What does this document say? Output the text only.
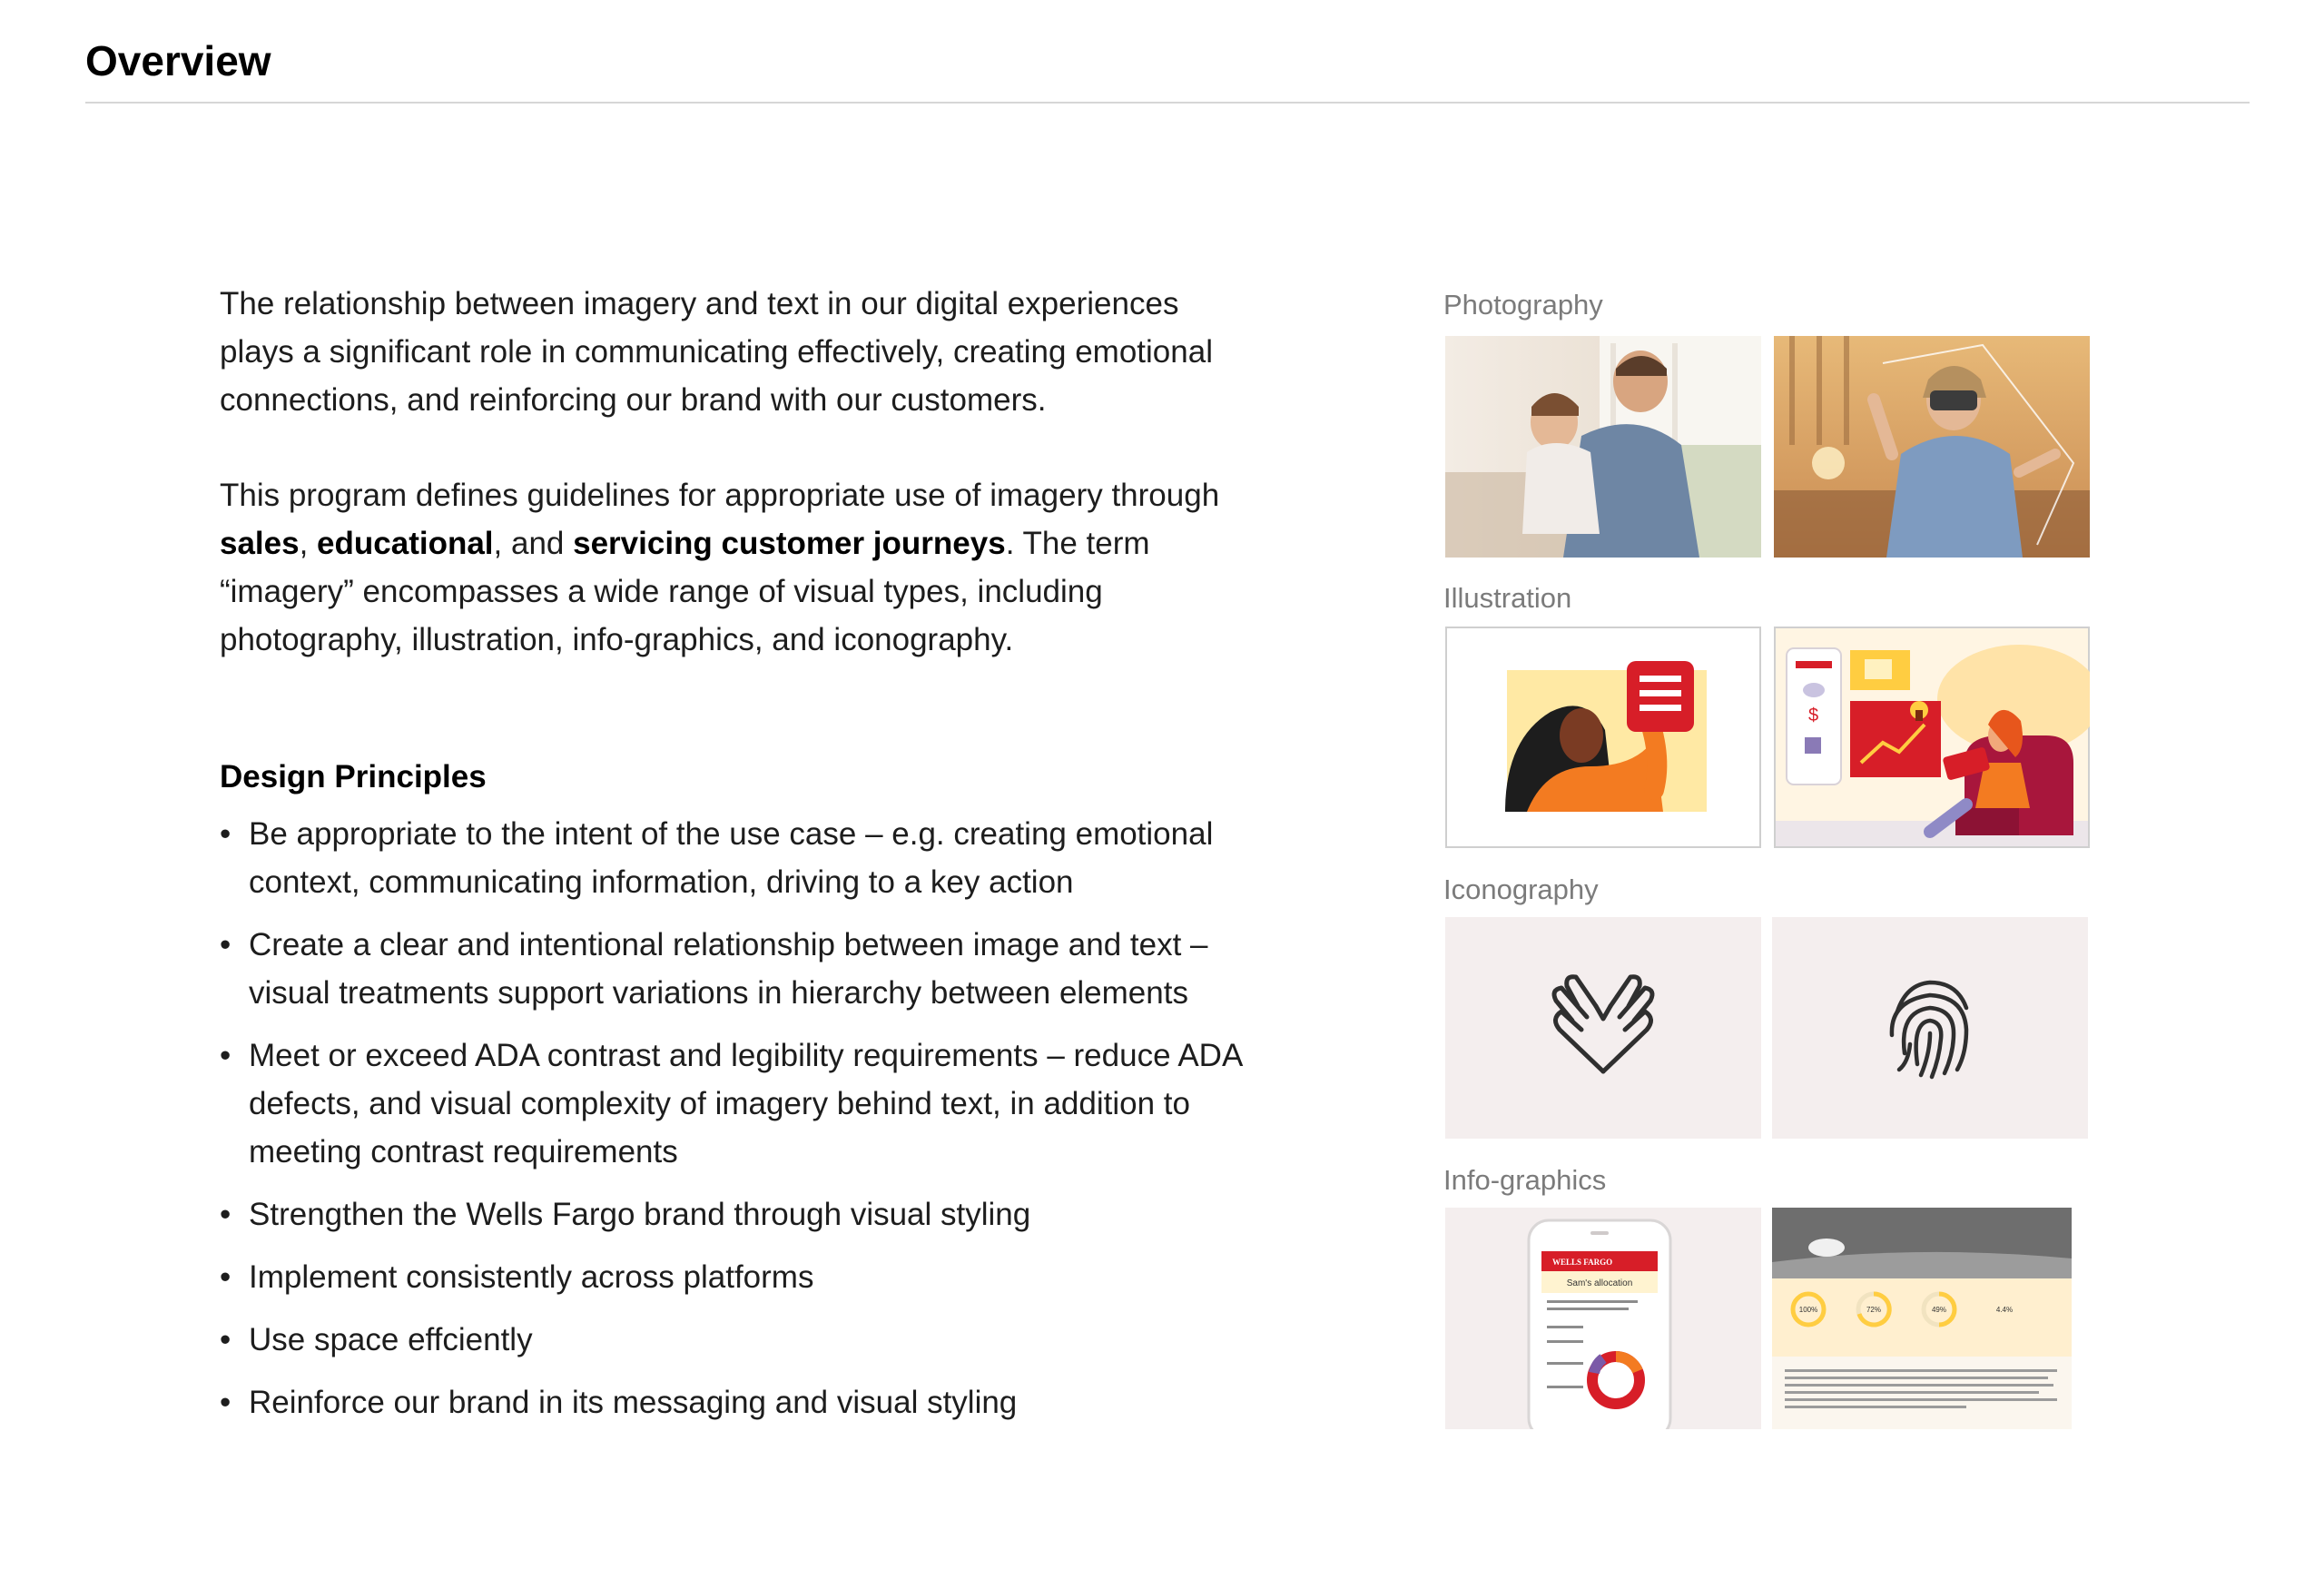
Overview

The relationship between imagery and text in our digital experiences plays a significant role in communicating effectively, creating emotional connections, and reinforcing our brand with our customers.

This program defines guidelines for appropriate use of imagery through sales, educational, and servicing customer journeys. The term “imagery” encompasses a wide range of visual types, including photography, illustration, info-graphics, and iconography.

Design Principles
• Be appropriate to the intent of the use case – e.g. creating emotional context, communicating information, driving to a key action
• Create a clear and intentional relationship between image and text – visual treatments support variations in hierarchy between elements
• Meet or exceed ADA contrast and legibility requirements – reduce ADA defects, and visual complexity of imagery behind text, in addition to meeting contrast requirements
• Strengthen the Wells Fargo brand through visual styling
• Implement consistently across platforms
• Use space effciently
• Reinforce our brand in its messaging and visual styling
Photography
Illustration
$
Iconography
Info-graphics
WELLS FARGO
Sam's allocation
100%	72%	49%	4.4%
